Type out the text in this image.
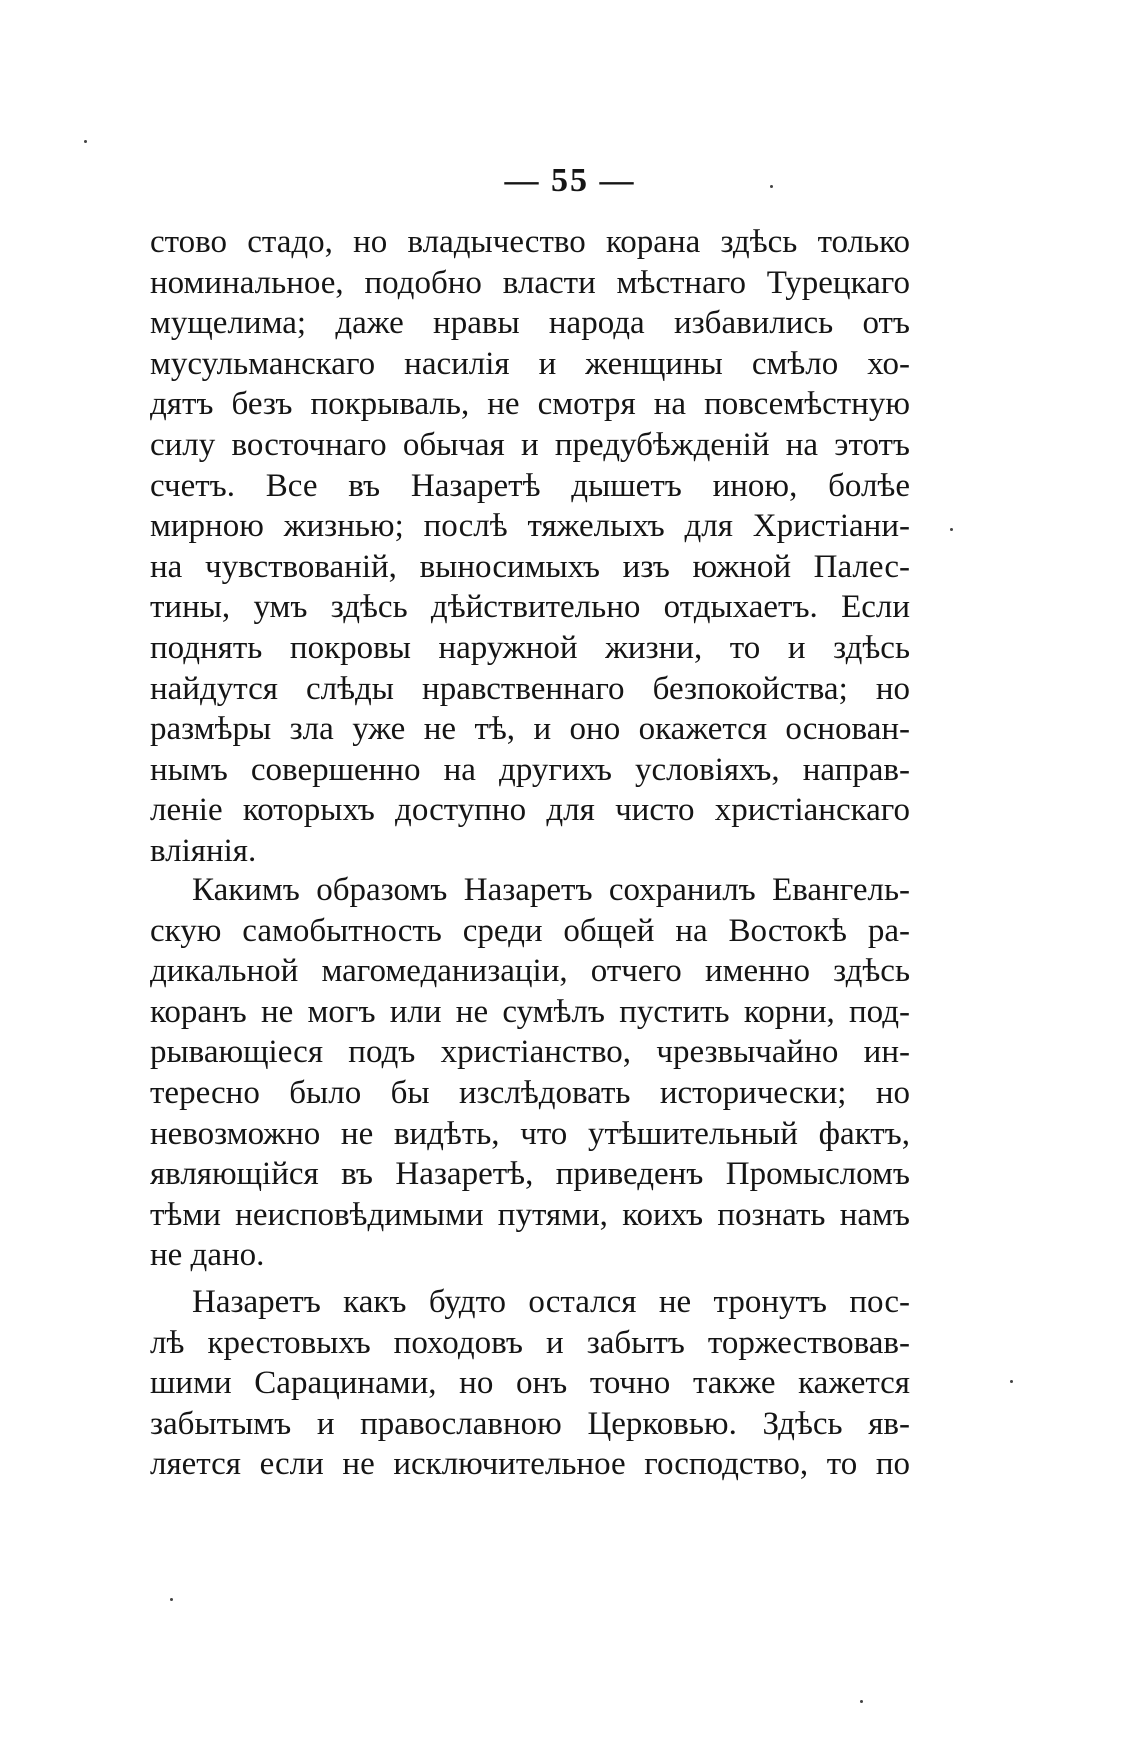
— 55 —
стово стадо, но владычество корана здѣсь только
номинальное, подобно власти мѣстнаго Турецкаго
мущелима; даже нравы народа избавились отъ
мусульманскаго насилія и женщины смѣло хо-
дятъ безъ покрываль, не смотря на повсемѣстную
силу восточнаго обычая и предубѣжденій на этотъ
счетъ. Все въ Назаретѣ дышетъ иною, болѣе
мирною жизнью; послѣ тяжелыхъ для Христіани-
на чувствованій, выносимыхъ изъ южной Палес-
тины, умъ здѣсь дѣйствительно отдыхаетъ. Если
поднять покровы наружной жизни, то и здѣсь
найдутся слѣды нравственнаго безпокойства; но
размѣры зла уже не тѣ, и оно окажется основан-
нымъ совершенно на другихъ условіяхъ, направ-
леніе которыхъ доступно для чисто христіанскаго
вліянія.
Какимъ образомъ Назаретъ сохранилъ Евангель-
скую самобытность среди общей на Востокѣ ра-
дикальной магомеданизаціи, отчего именно здѣсь
коранъ не могъ или не сумѣлъ пустить корни, под-
рывающіеся подъ христіанство, чрезвычайно ин-
тересно было бы изслѣдовать исторически; но
невозможно не видѣть, что утѣшительный фактъ,
являющійся въ Назаретѣ, приведенъ Промысломъ
тѣми неисповѣдимыми путями, коихъ познать намъ
не дано.
Назаретъ какъ будто остался не тронутъ пос-
лѣ крестовыхъ походовъ и забытъ торжествовав-
шими Сарацинами, но онъ точно также кажется
забытымъ и православною Церковью. Здѣсь яв-
ляется если не исключительное господство, то по
